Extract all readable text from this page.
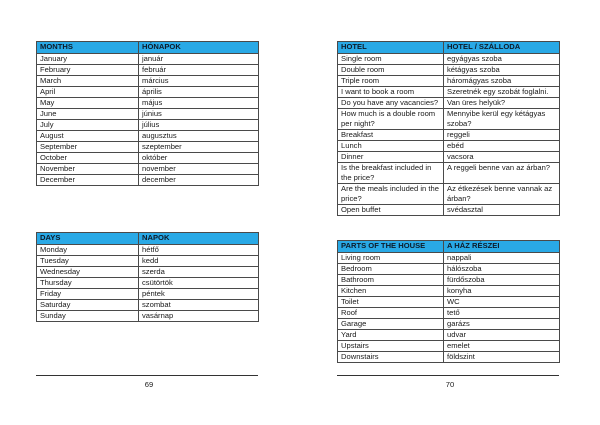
MONTHS	HÓNAPOK
January	január
February	február
March	március
April	április
May	május
June	június
July	július
August	augusztus
September	szeptember
October	október
November	november
December	december
DAYS	NAPOK
Monday	hétfő
Tuesday	kedd
Wednesday	szerda
Thursday	csütörtök
Friday	péntek
Saturday	szombat
Sunday	vasárnap
HOTEL	HOTEL / SZÁLLODA
Single room	egyágyas szoba
Double room	kétágyas szoba
Triple room	háromágyas szoba
I want to book a room	Szeretnék egy szobát foglalni.
Do you have any vacancies?	Van üres helyük?
How much is a double room per night?	Mennyibe kerül egy kétágyas szoba?
Breakfast	reggeli
Lunch	ebéd
Dinner	vacsora
Is the breakfast included in the price?	A reggeli benne van az árban?
Are the meals included in the price?	Az étkezések benne vannak az árban?
Open buffet	svédasztal
PARTS OF THE HOUSE	A HÁZ RÉSZEI
Living room	nappali
Bedroom	hálószoba
Bathroom	fürdőszoba
Kitchen	konyha
Toilet	WC
Roof	tető
Garage	garázs
Yard	udvar
Upstairs	emelet
Downstairs	földszint
69	70
